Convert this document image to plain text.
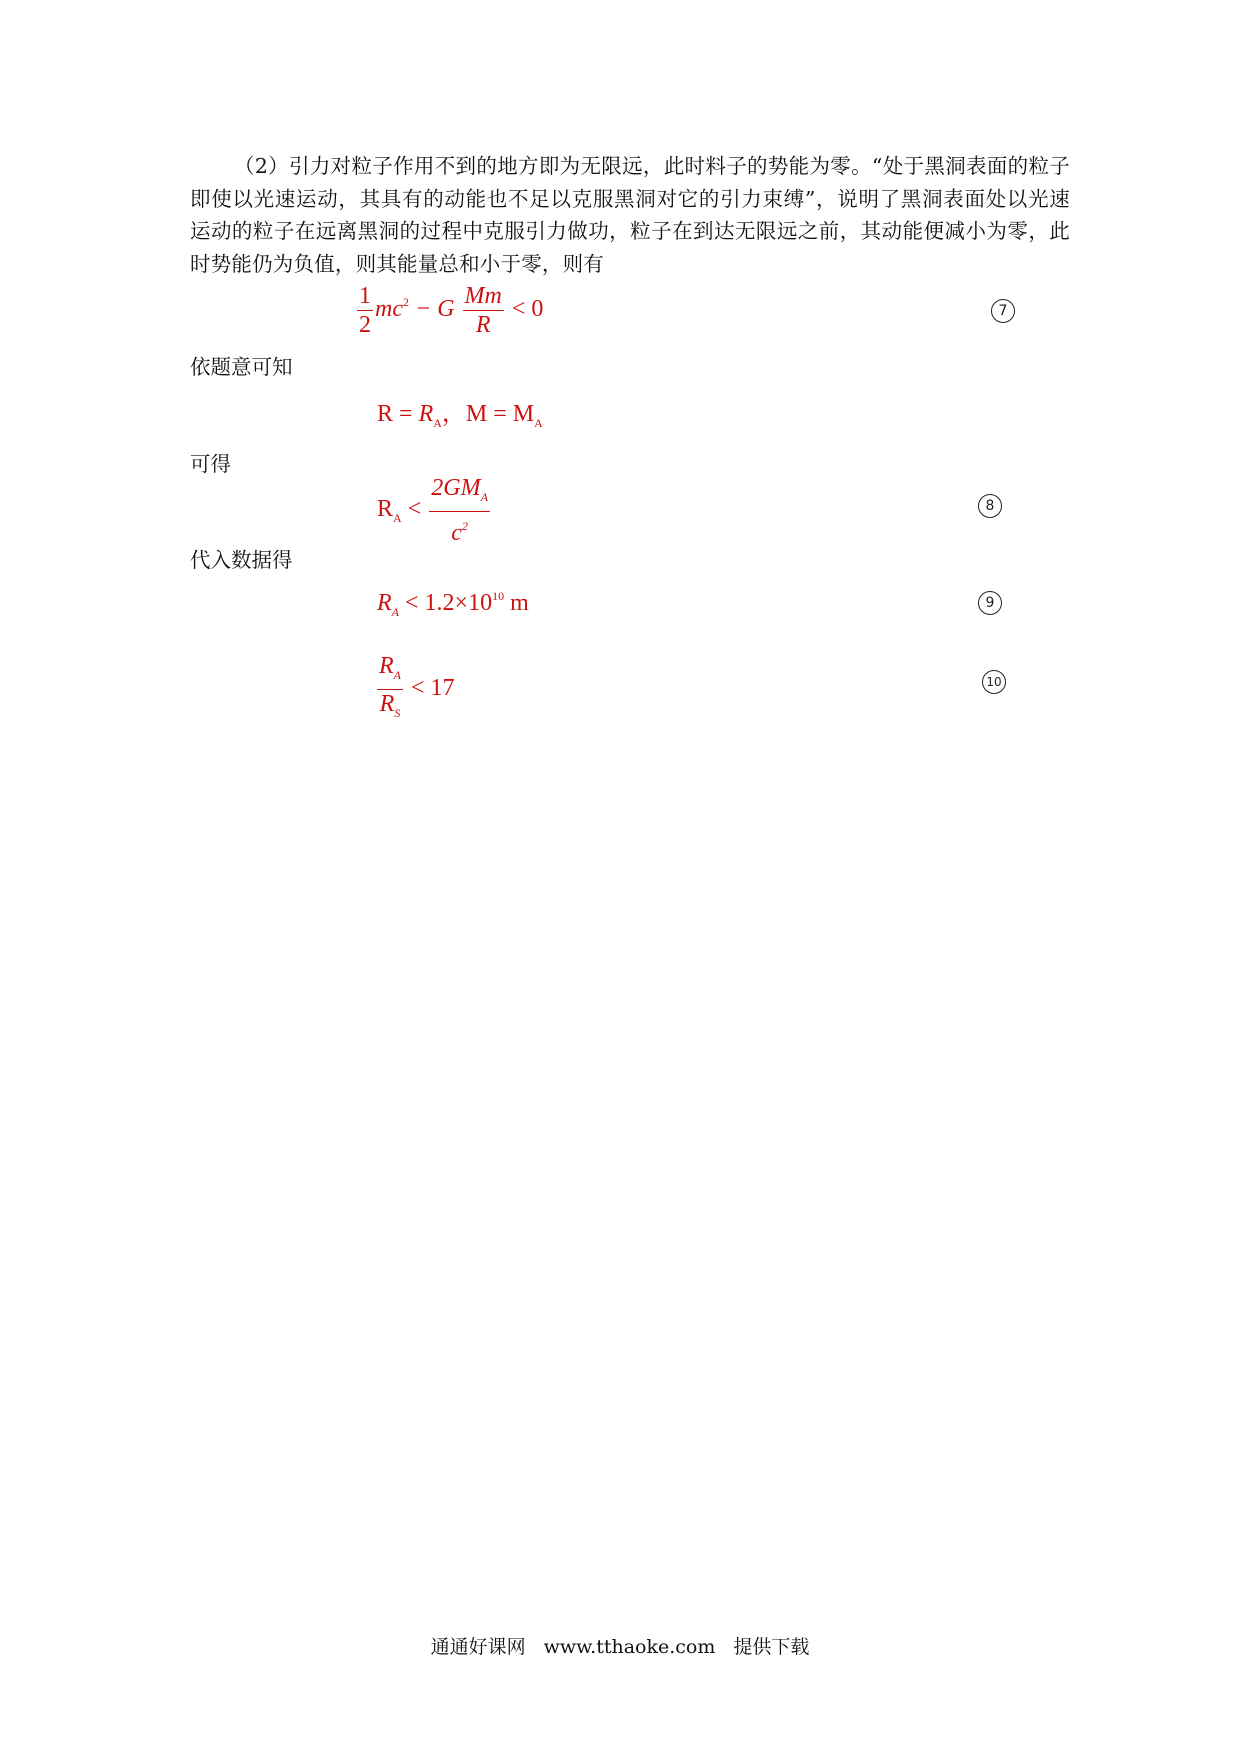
（2）引力对粒子作用不到的地方即为无限远，此时料子的势能为零。“处于黑洞表面的粒子即使以光速运动，其具有的动能也不足以克服黑洞对它的引力束缚”，说明了黑洞表面处以光速运动的粒子在远离黑洞的过程中克服引力做功，粒子在到达无限远之前，其动能便减小为零，此时势能仍为负值，则其能量总和小于零，则有

$\frac{1}{2} mc^2 - G \frac{Mm}{R} < 0$	7

依题意可知

$R = R_A$，$M = M_A$

可得

$R_A < \frac{2GM_A}{c^2}$	8

代入数据得

$R_A < 1.2\times 10^{10}$ m	9
$\frac{R_A}{R_S} < 17$	10
通通好课网 www.tthaoke.com 提供下载
